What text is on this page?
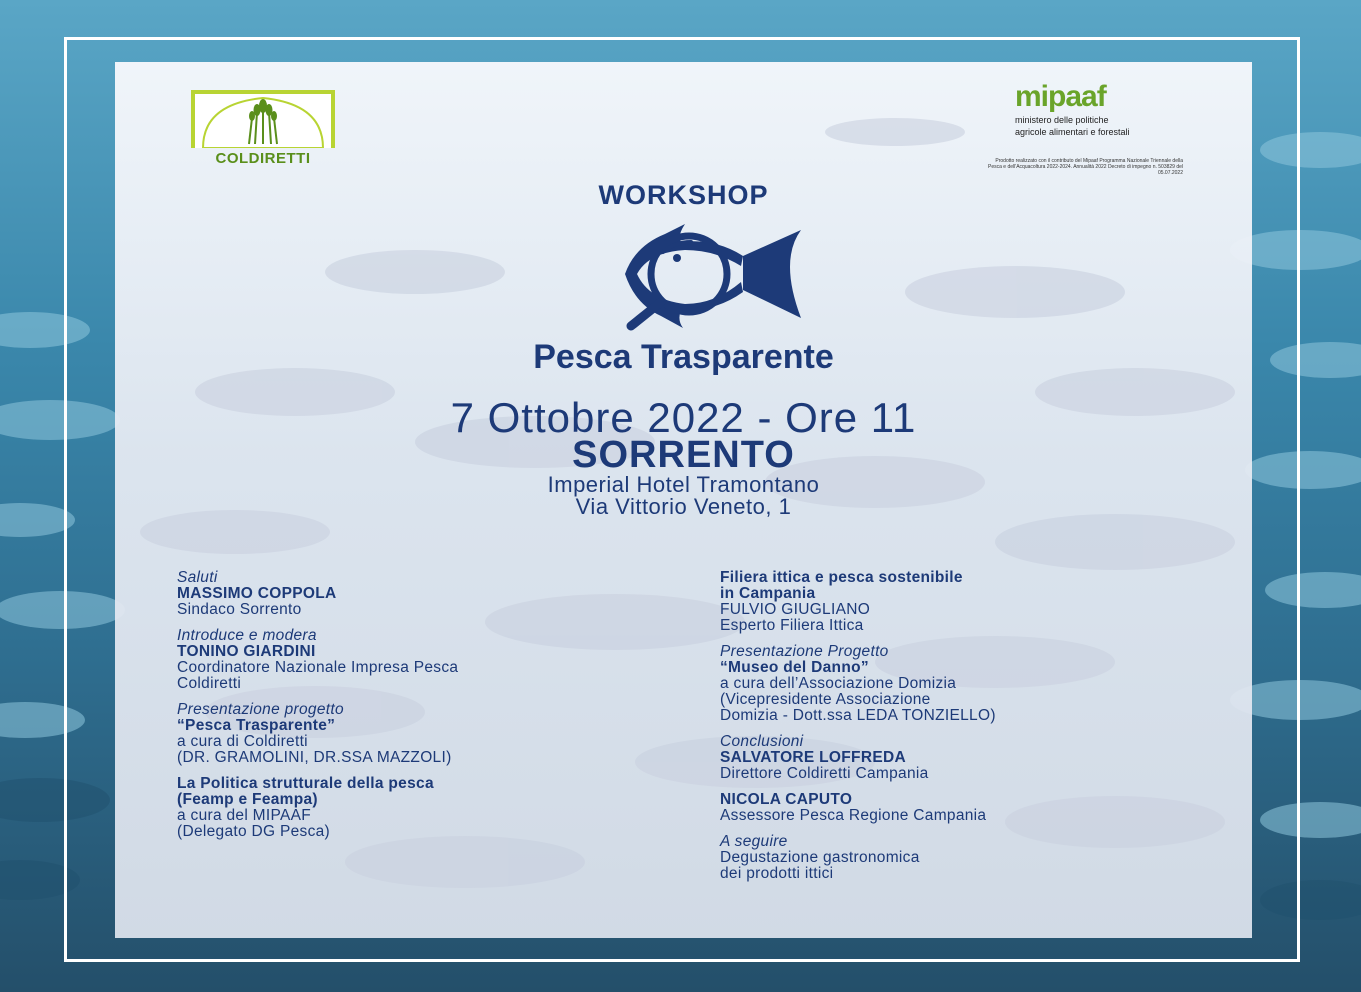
COLDIRETTI
mipaaf
ministero delle politiche
agricole alimentari e forestali
Prodotto realizzato con il contributo del Mipaaf Programma Nazionale Triennale della Pesca e dell'Acquacoltura 2022-2024. Annualità 2022 Decreto di impegno n. 503829 del 05.07.2022
WORKSHOP
Pesca Trasparente
7 Ottobre 2022 - Ore 11
SORRENTO
Imperial Hotel Tramontano
Via Vittorio Veneto, 1
Saluti
MASSIMO COPPOLA
Sindaco Sorrento
Introduce e modera
TONINO GIARDINI
Coordinatore Nazionale Impresa Pesca
Coldiretti
Presentazione progetto
“Pesca Trasparente”
a cura di Coldiretti
(DR. GRAMOLINI, DR.SSA MAZZOLI)
La Politica strutturale della pesca
(Feamp e Feampa)
a cura del MIPAAF
(Delegato DG Pesca)
Filiera ittica e pesca sostenibile
in Campania
FULVIO GIUGLIANO
Esperto Filiera Ittica
Presentazione Progetto
“Museo del Danno”
a cura dell’Associazione Domizia
(Vicepresidente Associazione
Domizia - Dott.ssa LEDA TONZIELLO)
Conclusioni
SALVATORE LOFFREDA
Direttore Coldiretti Campania
NICOLA CAPUTO
Assessore Pesca Regione Campania
A seguire
Degustazione gastronomica
dei prodotti ittici
